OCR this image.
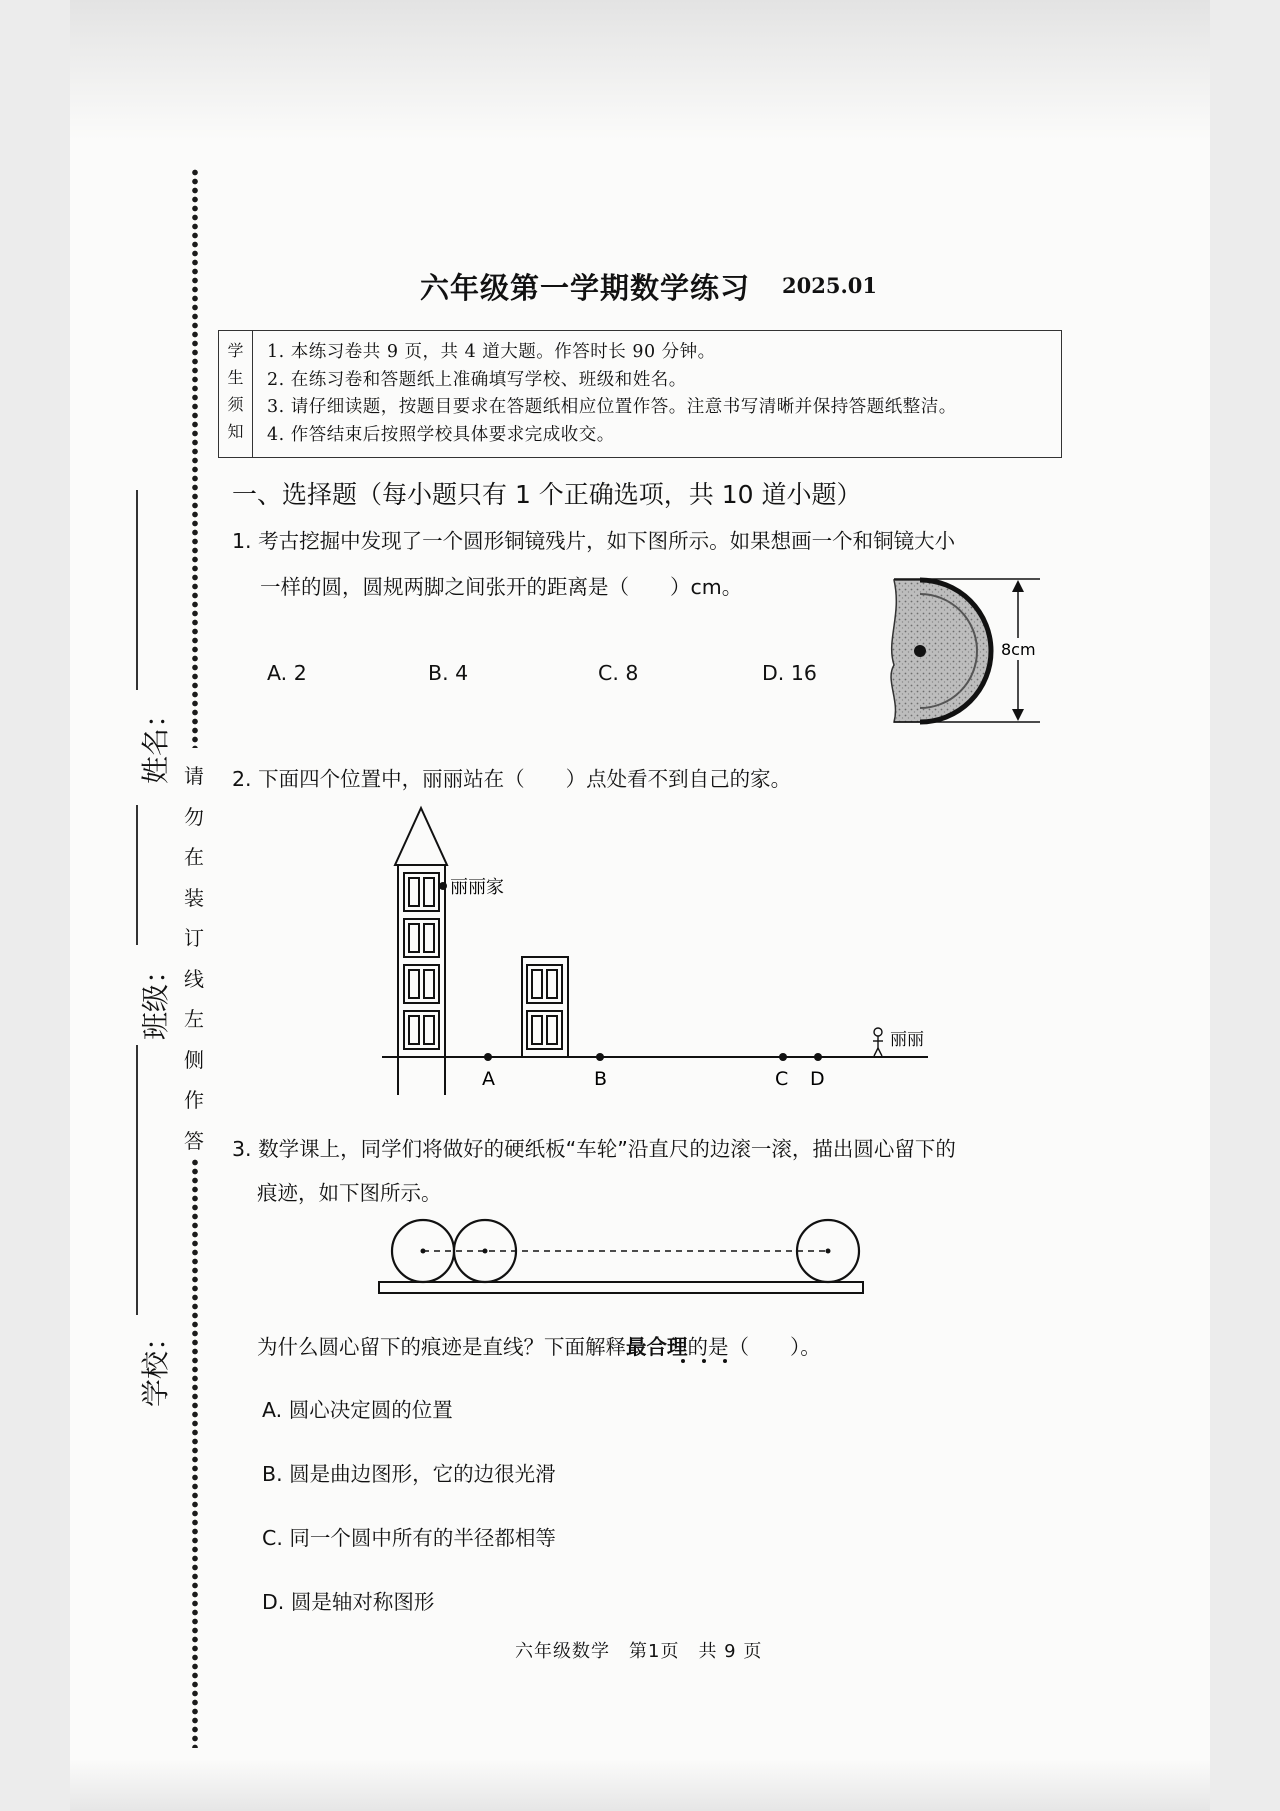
请勿在装订线左侧作答
姓名：
班级：
学校：
六年级第一学期数学练习 2025.01
学
生
须
知
1. 本练习卷共 9 页，共 4 道大题。作答时长 90 分钟。
2. 在练习卷和答题纸上准确填写学校、班级和姓名。
3. 请仔细读题，按题目要求在答题纸相应位置作答。注意书写清晰并保持答题纸整洁。
4. 作答结束后按照学校具体要求完成收交。
一、选择题（每小题只有 1 个正确选项，共 10 道小题）
1. 考古挖掘中发现了一个圆形铜镜残片，如下图所示。如果想画一个和铜镜大小
一样的圆，圆规两脚之间张开的距离是（　　）cm。
A. 2	B. 4	C. 8	D. 16
8cm
2. 下面四个位置中，丽丽站在（　　）点处看不到自己的家。
丽丽家
A	B	C D
丽丽
3. 数学课上，同学们将做好的硬纸板“车轮”沿直尺的边滚一滚，描出圆心留下的
痕迹，如下图所示。
为什么圆心留下的痕迹是直线？下面解释最合理的是（　　）。
A. 圆心决定圆的位置
B. 圆是曲边图形，它的边很光滑
C. 同一个圆中所有的半径都相等
D. 圆是轴对称图形
六年级数学　第1页　共 9 页
